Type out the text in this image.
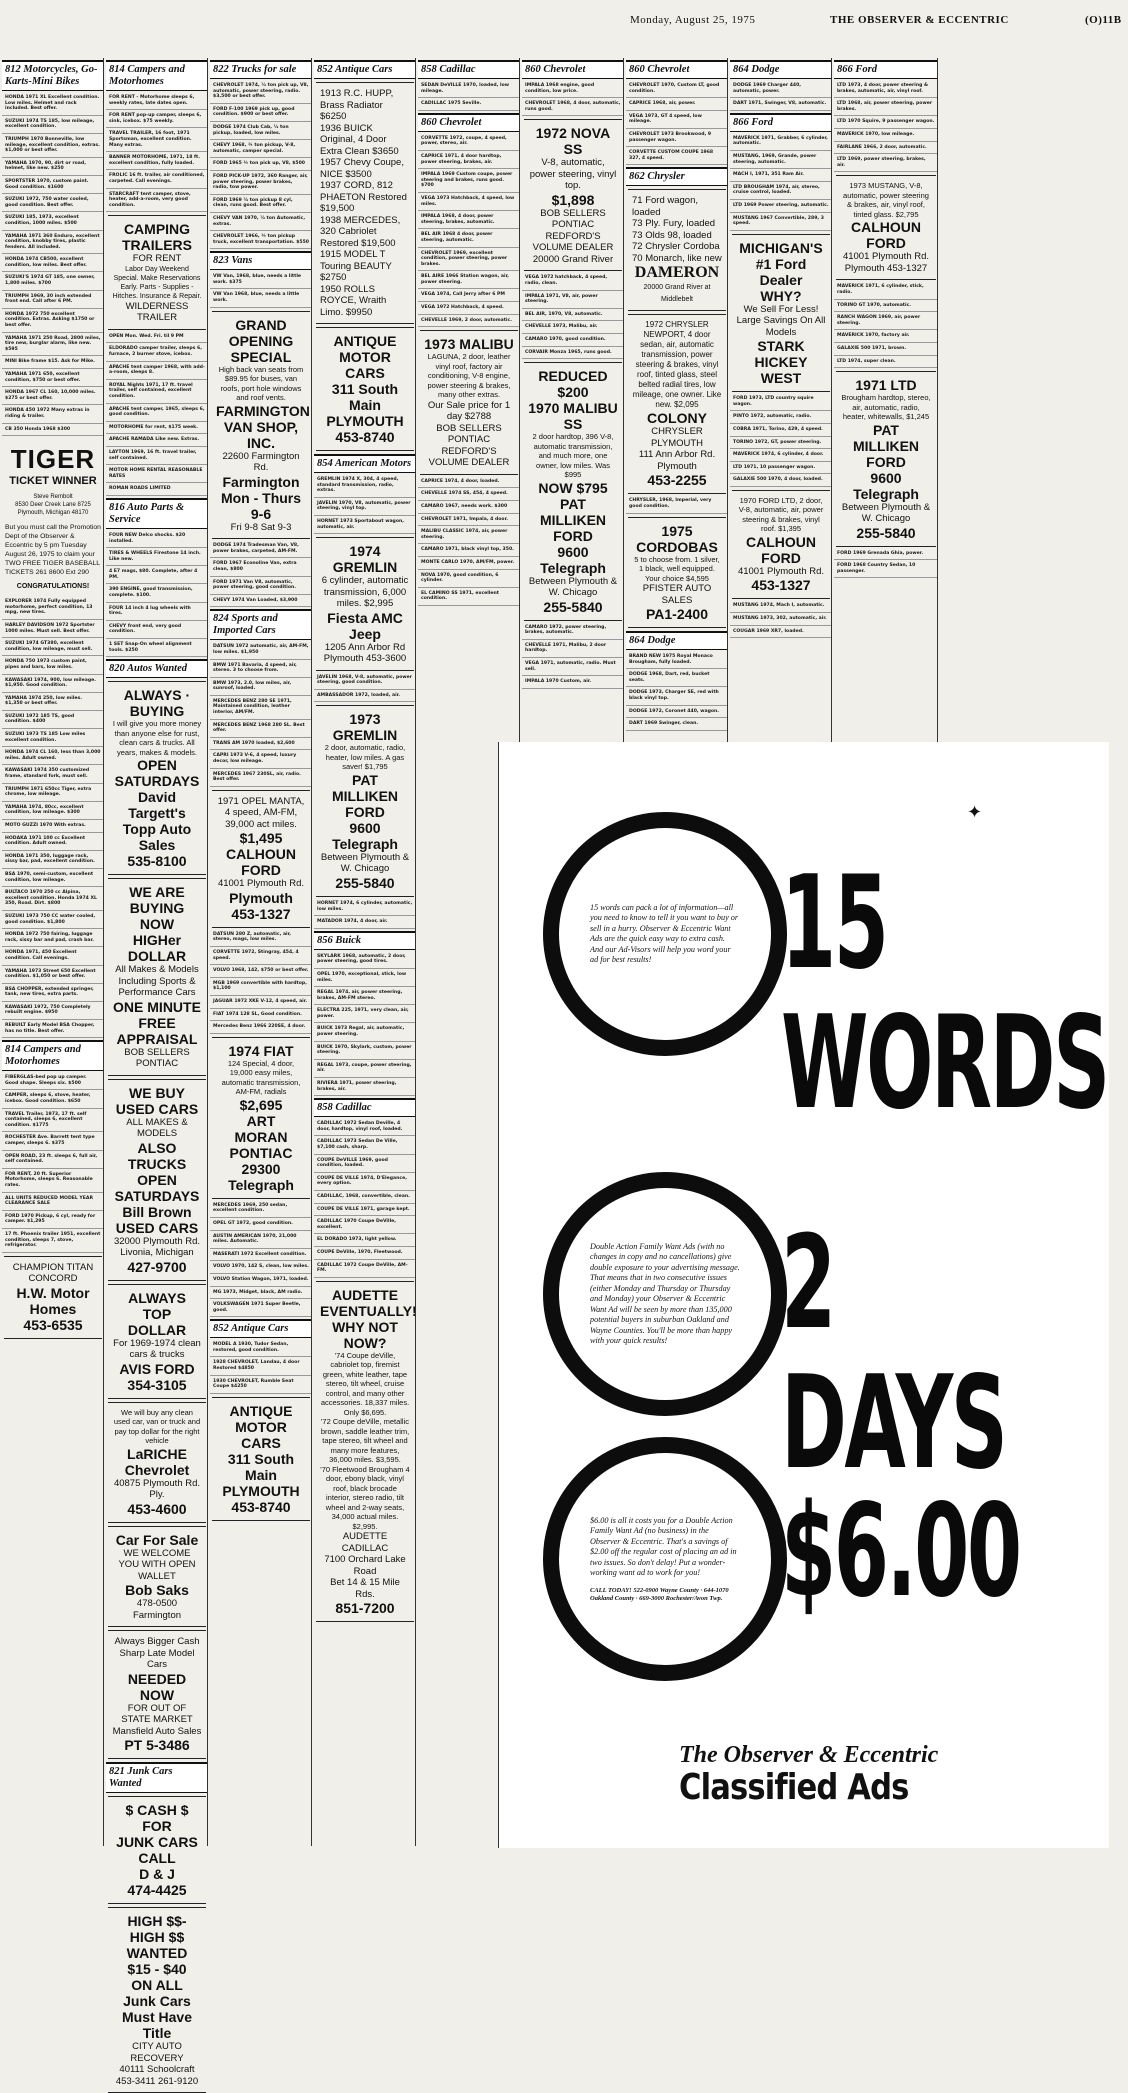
Monday, August 25, 1975	THE OBSERVER & ECCENTRIC	(O)11B
812 Motorcycles, Go-Karts-Mini Bikes
HONDA 1971 XL Excellent condition. Low miles. Helmet and rack included. Best offer.
SUZUKI 1974 TS 185, low mileage, excellent condition.
TRIUMPH 1970 Bonneville, low mileage, excellent condition, extras. $1,000 or best offer.
YAMAHA 1970, 90, dirt or road, helmet, like new. $250
SPORTSTER 1970, custom paint. Good condition. $1600
SUZUKI 1972, 750 water cooled, good condition. Best offer.
SUZUKI 185, 1973, excellent condition, 1000 miles. $500
YAMAHA 1971 360 Enduro, excellent condition, knobby tires, plastic fenders. All included.
HONDA 1974 CB500, excellent condition, low miles. Best offer.
SUZUKI'S 1974 GT 185, one owner, 1,800 miles. $700
TRIUMPH 1969, 30 inch extended front end. Call after 6 PM.
HONDA 1972 750 excellent condition. Extras. Asking $1750 or best offer.
YAMAHA 1971 250 Road, 2800 miles, tire new, burglar alarm, like new. $595
MINI Bike frame $15. Ask for Mike.
YAMAHA 1971 650, excellent condition, $750 or best offer.
HONDA 1967 CL 160, 10,000 miles. $275 or best offer.
HONDA 450 1972 Many extras in riding & trailer.
CB 350 Honda 1968 $300
TIGER
TICKET WINNER
Steve Rembolt
8530 Deer Creek Lane 8725 Plymouth, Michigan 48170
But you must call the Promotion Dept of the Observer & Eccentric by 5 pm Tuesday August 26, 1975 to claim your TWO FREE TIGER BASEBALL TICKETS 261 8600 Ext 290
CONGRATULATIONS!
EXPLORER 1974 Fully equipped motorhome, perfect condition, 13 mpg, new tires.
HARLEY DAVIDSON 1972 Sportster 1000 miles. Must sell. Best offer.
SUZUKI 1974 GT380, excellent condition, low mileage, must sell.
HONDA 750 1973 custom paint, pipes and bars, low miles.
KAWASAKI 1974, 900, low mileage. $1,950. Good condition.
YAMAHA 1974 250, low miles. $1,350 or best offer.
SUZUKI 1972 185 TS, good condition. $400
SUZUKI 1973 TS 185 Low miles excellent condition.
HONDA 1974 CL 160, less than 3,000 miles. Adult owned.
KAWASAKI 1974 350 customized frame, standard fork, must sell.
TRIUMPH 1971 650cc Tiger, extra chrome, low mileage.
YAMAHA 1974, 80cc, excellent condition, low mileage. $300
MOTO GUZZI 1970 With extras.
HODAKA 1971 100 cc Excellent condition. Adult owned.
HONDA 1971 350, luggage rack, sissy bar, pad, excellent condition.
BSA 1970, semi-custom, excellent condition, low mileage.
BULTACO 1970 250 cc Alpina, excellent condition. Honda 1974 XL 350, Road. Dirt. $800
SUZUKI 1973 750 CC water cooled, good condition. $1,800
HONDA 1972 750 fairing, luggage rack, sissy bar and pad, crash bar.
HONDA 1971, 450 Excellent condition. Call evenings.
YAMAHA 1973 Street 650 Excellent condition. $1,050 or best offer.
BSA CHOPPER, extended springer, tank, new tires, extra parts.
KAWASAKI 1972, 750 Completely rebuilt engine. $950
REBUILT Early Model BSA Chopper, has no title. Best offer.
814 Campers and Motorhomes
FIBERGLAS-bed pop up camper. Good shape. Sleeps six. $500
CAMPER, sleeps 6, stove, heater, icebox. Good condition. $650
TRAVEL Trailer, 1973, 17 ft. self contained, sleeps 6, excellent condition. $1775
ROCHESTER Ave. Barrett tent type camper, sleeps 6. $375
OPEN ROAD, 23 ft. sleeps 6, full air, self contained.
FOR RENT, 20 ft. Superior Motorhome, sleeps 6. Reasonable rates.
ALL UNITS REDUCED MODEL YEAR CLEARANCE SALE
FORD 1970 Pickup, 6 cyl, ready for camper. $1,295
17 ft. Phoenix trailer 1951, excellent condition, sleeps 7, stove, refrigerator.
CHAMPION TITAN CONCORD
H.W. Motor Homes
453-6535
814 Campers and Motorhomes
FOR RENT - Motorhome sleeps 6, weekly rates, late dates open.
FOR RENT pop-up camper, sleeps 6, sink, icebox. $75 weekly.
TRAVEL TRAILER, 16 foot, 1971 Sportsman, excellent condition. Many extras.
BANNER MOTORHOME, 1971, 18 ft. excellent condition, fully loaded.
FROLIC 16 ft. trailer, air conditioned, carpeted. Call evenings.
STARCRAFT tent camper, stove, heater, add-a-room, very good condition.
CAMPING TRAILERS
FOR RENT
Labor Day Weekend Special. Make Reservations Early. Parts - Supplies - Hitches. Insurance & Repair.
WILDERNESS TRAILER
OPEN Mon. Wed. Fri. til 9 PM
ELDORADO camper trailer, sleeps 6, furnace, 2 burner stove, icebox.
APACHE tent camper 1968, with add-a-room, sleeps 8.
ROYAL Nights 1971, 17 ft. travel trailer, self contained, excellent condition.
APACHE tent camper, 1965, sleeps 6, good condition.
MOTORHOME for rent, $175 week.
APACHE RAMADA Like new. Extras.
LAYTON 1969, 16 ft. travel trailer, self contained.
MOTOR HOME RENTAL REASONABLE RATES
ROMAN ROADS LIMITED
816 Auto Parts & Service
FOUR NEW Delco shocks. $20 installed.
TIRES & WHEELS Firestone 14 inch. Like new.
4 E7 mags, $80. Complete, after 4 PM.
390 ENGINE, good transmission, complete. $100.
FOUR 14 inch 4 lug wheels with tires.
CHEVY front end, very good condition.
1 SET Snap-On wheel alignment tools. $250
820 Autos Wanted
ALWAYS · BUYING
I will give you more money than anyone else for rust, clean cars & trucks. All years, makes & models.
OPEN SATURDAYS
David Targett's
Topp Auto Sales
535-8100
WE ARE
BUYING NOW
HIGHer DOLLAR
All Makes & Models Including Sports & Performance Cars
ONE MINUTE
FREE APPRAISAL
BOB SELLERS PONTIAC
WE BUY
USED CARS
ALL MAKES & MODELS
ALSO TRUCKS
OPEN SATURDAYS
Bill Brown
USED CARS
32000 Plymouth Rd. Livonia, Michigan
427-9700
ALWAYS
TOP DOLLAR
For 1969-1974 clean cars & trucks
AVIS FORD
354-3105
We will buy any clean used car, van or truck and pay top dollar for the right vehicle
LaRICHE
Chevrolet
40875 Plymouth Rd. Ply.
453-4600
Car For Sale
WE WELCOME YOU WITH OPEN WALLET
Bob Saks
478-0500 Farmington
Always Bigger Cash
Sharp Late Model Cars
NEEDED NOW
FOR OUT OF STATE MARKET
Mansfield Auto Sales
PT 5-3486
821 Junk Cars Wanted
$ CASH $
FOR
JUNK CARS
CALL
D & J
474-4425
HIGH $$-HIGH $$
WANTED
$15 - $40
ON ALL
Junk Cars
Must Have Title
CITY AUTO RECOVERY
40111 Schoolcraft
453-3411 261-9120
822 Trucks for sale
CHEVROLET 1974, ½ ton pick up, V8, automatic, power steering, radio. $3,500 or best offer.
FORD F-100 1969 pick up, good condition. $900 or best offer.
DODGE 1974 Club Cab, ½ ton pickup, loaded, low miles.
CHEVY 1968, ¾ ton pickup, V-8, automatic, camper special.
FORD 1965 ¾ ton pick up, V8, $500
FORD PICK-UP 1972, 360 Ranger, air, power steering, power brakes, radio, tow power.
FORD 1969 ½ ton pickup 8 cyl, clean, runs good. Best offer.
CHEVY VAN 1970, ½ ton Automatic, extras.
CHEVROLET 1966, ¾ ton pickup truck, excellent transportation. $550
823 Vans
VW Van, 1968, blue, needs a little work. $375
VW Van 1968, blue, needs a little work.
GRAND OPENING
SPECIAL
High back van seats from $89.95 for buses, van roofs, port hole windows and roof vents.
FARMINGTON
VAN SHOP, INC.
22600 Farmington Rd.
Farmington
Mon - Thurs 9-6
Fri 9-8 Sat 9-3
DODGE 1974 Tradesman Van, V8, power brakes, carpeted, AM-FM.
FORD 1967 Econoline Van, extra clean, $800
FORD 1971 Van V8, automatic, power steering, good condition.
CHEVY 1974 Van Loaded, $3,900
824 Sports and Imported Cars
DATSUN 1972 automatic, air, AM-FM, low miles. $1,950
BMW 1971 Bavaria, 4 speed, air, stereo. 3 to choose from.
BMW 1973, 2.0, low miles, air, sunroof, loaded.
MERCEDES BENZ 280 SE 1971, Maintained condition, leather interior, AM/FM.
MERCEDES BENZ 1968 280 SL. Best offer.
TRANS AM 1970 loaded, $2,600
CAPRI 1973 V-6, 4 speed, luxury decor, low mileage.
MERCEDES 1967 230SL, air, radio. Best offer.
1971 OPEL MANTA, 4 speed, AM-FM, 39,000 act miles.
$1,495
CALHOUN FORD
41001 Plymouth Rd.
Plymouth
453-1327
DATSUN 280 Z, automatic, air, stereo, mags, low miles.
CORVETTE 1972, Stingray, 454, 4 speed.
VOLVO 1968, 142, $750 or best offer.
MGB 1969 convertible with hardtop, $1,100
JAGUAR 1972 XKE V-12, 4 speed, air.
FIAT 1974 128 SL, Good condition.
Mercedes Benz 1966 220SE, 4 door.
1974 FIAT
124 Special, 4 door, 19,000 easy miles, automatic transmission, AM-FM, radials
$2,695
ART
MORAN
PONTIAC
29300 Telegraph
MERCEDES 1969, 250 sedan, excellent condition.
OPEL GT 1972, good condition.
AUSTIN AMERICAN 1970, 21,000 miles. Automatic.
MASERATI 1972 Excellent condition.
VOLVO 1970, 142 S, clean, low miles.
VOLVO Station Wagon, 1971, loaded.
MG 1973, Midget, black, AM radio.
VOLKSWAGEN 1971 Super Beetle, good.
852 Antique Cars
MODEL A 1930, Tudor Sedan, restored, good condition.
1928 CHEVROLET, Landau, 4 door Restored $4850
1930 CHEVROLET, Rumble Seat Coupe $4250
ANTIQUE
MOTOR CARS
311 South Main
PLYMOUTH
453-8740
852 Antique Cars
1913 R.C. HUPP, Brass Radiator $6250
1936 BUICK Original, 4 Door Extra Clean $3650
1957 Chevy Coupe, NICE $3500
1937 CORD, 812 PHAETON Restored $19,500
1938 MERCEDES, 320 Cabriolet Restored $19,500
1915 MODEL T Touring BEAUTY $2750
1950 ROLLS ROYCE, Wraith Limo. $9950
ANTIQUE
MOTOR CARS
311 South Main
PLYMOUTH
453-8740
854 American Motors
GREMLIN 1974 X, 304, 4 speed, standard transmission, radio, extras.
JAVELIN 1970, V8, automatic, power steering, vinyl top.
HORNET 1973 Sportabout wagon, automatic, air.
1974 GREMLIN
6 cylinder, automatic transmission, 6,000 miles. $2,995
Fiesta AMC Jeep
1205 Ann Arbor Rd
Plymouth 453-3600
JAVELIN 1968, V-8, automatic, power steering, good condition.
AMBASSADOR 1972, loaded, air.
1973 GREMLIN
2 door, automatic, radio, heater, low miles. A gas saver! $1,795
PAT MILLIKEN
FORD
9600 Telegraph
Between Plymouth & W. Chicago
255-5840
HORNET 1974, 6 cylinder, automatic, low miles.
MATADOR 1974, 4 door, air.
856 Buick
SKYLARK 1968, automatic, 2 door, power steering, good tires.
OPEL 1970, exceptional, stick, low miles.
REGAL 1974, air, power steering, brakes, AM-FM stereo.
ELECTRA 225, 1971, very clean, air, power.
BUICK 1973 Regal, air, automatic, power steering.
BUICK 1970, Skylark, custom, power steering.
REGAL 1973, coupe, power steering, air.
RIVIERA 1971, power steering, brakes, air.
858 Cadillac
CADILLAC 1972 Sedan Deville, 4 door, hardtop, vinyl roof, loaded.
CADILLAC 1973 Sedan De Ville, $7,100 cash, sharp.
COUPE DeVILLE 1969, good condition, loaded.
COUPE DE VILLE 1974, D'Elegance, every option.
CADILLAC, 1968, convertible, clean.
COUPE DE VILLE 1971, garage kept.
CADILLAC 1970 Coupe DeVille, excellent.
EL DORADO 1973, light yellow.
COUPE DeVille, 1970, Fleetwood.
CADILLAC 1972 Coupe DeVille, AM-FM.
AUDETTE
EVENTUALLY!
WHY NOT NOW?
'74 Coupe deVille, cabriolet top, firemist green, white leather, tape stereo, tilt wheel, cruise control, and many other accessories. 18,337 miles. Only $6,695.
'72 Coupe deVille, metallic brown, saddle leather trim, tape stereo, tilt wheel and many more features, 36,000 miles. $3,595.
'70 Fleetwood Brougham 4 door, ebony black, vinyl roof, black brocade interior, stereo radio, tilt wheel and 2-way seats, 34,000 actual miles. $2,995.
AUDETTE CADILLAC
7100 Orchard Lake Road
Bet 14 & 15 Mile Rds.
851-7200
858 Cadillac
SEDAN DeVILLE 1970, loaded, low mileage.
CADILLAC 1975 Seville.
860 Chevrolet
CORVETTE 1972, coupe, 4 speed, power, stereo, air.
CAPRICE 1971, 4 door hardtop, power steering, brakes, air.
IMPALA 1969 Custom coupe, power steering and brakes, runs good. $700
VEGA 1973 Hatchback, 4 speed, low miles.
IMPALA 1968, 4 door, power steering, brakes, automatic.
BEL AIR 1968 4 door, power steering, automatic.
CHEVROLET 1969, excellent condition, power steering, power brakes.
BEL AIRE 1966 Station wagon, air, power steering.
VEGA 1974, Call Jerry after 6 PM
VEGA 1972 Hatchback, 4 speed.
CHEVELLE 1969, 2 door, automatic.
1973 MALIBU
LAGUNA, 2 door, leather vinyl roof, factory air conditioning, V-8 engine, power steering & brakes, many other extras.
Our Sale price for 1 day $2788
BOB SELLERS PONTIAC
REDFORD'S VOLUME DEALER
CAPRICE 1974, 4 door, loaded.
CHEVELLE 1974 SS, 454, 4 speed.
CAMARO 1967, needs work. $300
CHEVROLET 1971, Impala, 4 door.
MALIBU CLASSIC 1974, air, power steering.
CAMARO 1971, black vinyl top, 350.
MONTE CARLO 1970, AM/FM, power.
NOVA 1970, good condition, 6 cylinder.
EL CAMINO SS 1971, excellent condition.
860 Chevrolet
IMPALA 1968 engine, good condition, low price.
CHEVROLET 1968, 4 door, automatic, runs good.
1972 NOVA SS
V-8, automatic, power steering, vinyl top.
$1,898
BOB SELLERS PONTIAC
REDFORD'S VOLUME DEALER
20000 Grand River
VEGA 1972 hatchback, 4 speed, radio, clean.
IMPALA 1971, V8, air, power steering.
BEL AIR, 1970, V8, automatic.
CHEVELLE 1973, Malibu, air.
CAMARO 1970, good condition.
CORVAIR Monza 1965, runs good.
REDUCED $200
1970 MALIBU SS
2 door hardtop, 396 V-8, automatic transmission, and much more, one owner, low miles. Was $995
NOW $795
PAT MILLIKEN
FORD
9600 Telegraph
Between Plymouth & W. Chicago
255-5840
CAMARO 1972, power steering, brakes, automatic.
CHEVELLE 1971, Malibu, 2 door hardtop.
VEGA 1971, automatic, radio. Must sell.
IMPALA 1970 Custom, air.
860 Chevrolet
CHEVROLET 1970, Custom LT, good condition.
CAPRICE 1968, air, power.
VEGA 1973, GT 4 speed, low mileage.
CHEVROLET 1973 Brookwood, 9 passenger wagon.
CORVETTE CUSTOM COUPE 1968 327, 4 speed.
862 Chrysler
71 Ford wagon, loaded
73 Ply. Fury, loaded
73 Olds 98, loaded
72 Chrysler Cordoba
70 Monarch, like new
DAMERON
20000 Grand River at Middlebelt
1972 CHRYSLER NEWPORT, 4 door sedan, air, automatic transmission, power steering & brakes, vinyl roof, tinted glass, steel belted radial tires, low mileage, one owner. Like new. $2,095
COLONY
CHRYSLER PLYMOUTH
111 Ann Arbor Rd. Plymouth
453-2255
CHRYSLER, 1968, Imperial, very good condition.
1975 CORDOBAS
5 to choose from. 1 silver, 1 black, well equipped. Your choice $4,595
PFISTER AUTO SALES
PA1-2400
864 Dodge
BRAND NEW 1975 Royal Monaco Brougham, fully loaded.
DODGE 1968, Dart, red, bucket seats.
DODGE 1973, Charger SE, red with black vinyl top.
DODGE 1972, Coronet 440, wagon.
DART 1969 Swinger, clean.
864 Dodge
DODGE 1969 Charger 440, automatic, power.
DART 1971, Swinger, V8, automatic.
866 Ford
MAVERICK 1971, Grabber, 6 cylinder, automatic.
MUSTANG, 1969, Grande, power steering, automatic.
MACH I, 1971, 351 Ram Air.
LTD BROUGHAM 1974, air, stereo, cruise control, loaded.
LTD 1969 Power steering, automatic.
MUSTANG 1967 Convertible, 289, 3 speed.
MICHIGAN'S
#1 Ford Dealer
WHY?
We Sell For Less!
Large Savings On All Models
STARK HICKEY
WEST
FORD 1973, LTD country squire wagon.
PINTO 1972, automatic, radio.
COBRA 1971, Torino, 429, 4 speed.
TORINO 1972, GT, power steering.
MAVERICK 1974, 6 cylinder, 4 door.
LTD 1971, 10 passenger wagon.
GALAXIE 500 1970, 4 door, loaded.
1970 FORD LTD, 2 door, V-8, automatic, air, power steering & brakes, vinyl roof. $1,395
CALHOUN FORD
41001 Plymouth Rd.
453-1327
MUSTANG 1974, Mach I, automatic.
MUSTANG 1973, 302, automatic, air.
COUGAR 1969 XR7, loaded.
866 Ford
LTD 1973, 4 door, power steering & brakes, automatic, air, vinyl roof.
LTD 1968, air, power steering, power brakes.
LTD 1970 Squire, 9 passenger wagon.
MAVERICK 1970, low mileage.
FAIRLANE 1966, 2 door, automatic.
LTD 1969, power steering, brakes, air.
1973 MUSTANG, V-8, automatic, power steering & brakes, air, vinyl roof, tinted glass. $2,795
CALHOUN FORD
41001 Plymouth Rd.
Plymouth 453-1327
MAVERICK 1971, 6 cylinder, stick, radio.
TORINO GT 1970, automatic.
RANCH WAGON 1969, air, power steering.
MAVERICK 1970, factory air.
GALAXIE 500 1971, brown.
LTD 1974, super clean.
1971 LTD
Brougham hardtop, stereo, air, automatic, radio, heater, whitewalls, $1,245
PAT MILLIKEN
FORD
9600 Telegraph
Between Plymouth & W. Chicago
255-5840
FORD 1969 Grenada Ghia, power.
FORD 1968 Country Sedan, 10 passenger.
✦

15 words can pack a lot of information—all you need to know to tell it you want to buy or sell in a hurry. Observer & Eccentric Want Ads are the quick easy way to extra cash. And our Ad-Visors will help you word your ad for best results!	15 WORDS

Double Action Family Want Ads (with no changes in copy and no cancellations) give double exposure to your advertising message. That means that in two consecutive issues (either Monday and Thursday or Thursday and Monday) your Observer & Eccentric Want Ad will be seen by more than 135,000 potential buyers in suburban Oakland and Wayne Counties. You'll be more than happy with your quick results! 2 DAYS

$6.00 is all it costs you for a Double Action Family Want Ad (no business) in the Observer & Eccentric. That's a savings of $2.00 off the regular cost of placing an ad in two issues. So don't delay! Put a wonder-working want ad to work for you!
CALL TODAY! 522-0900 Wayne County · 644-1070 Oakland County · 669-3000 Rochester/Avon Twp. $6.00
The Observer & Eccentric
Classified Ads
